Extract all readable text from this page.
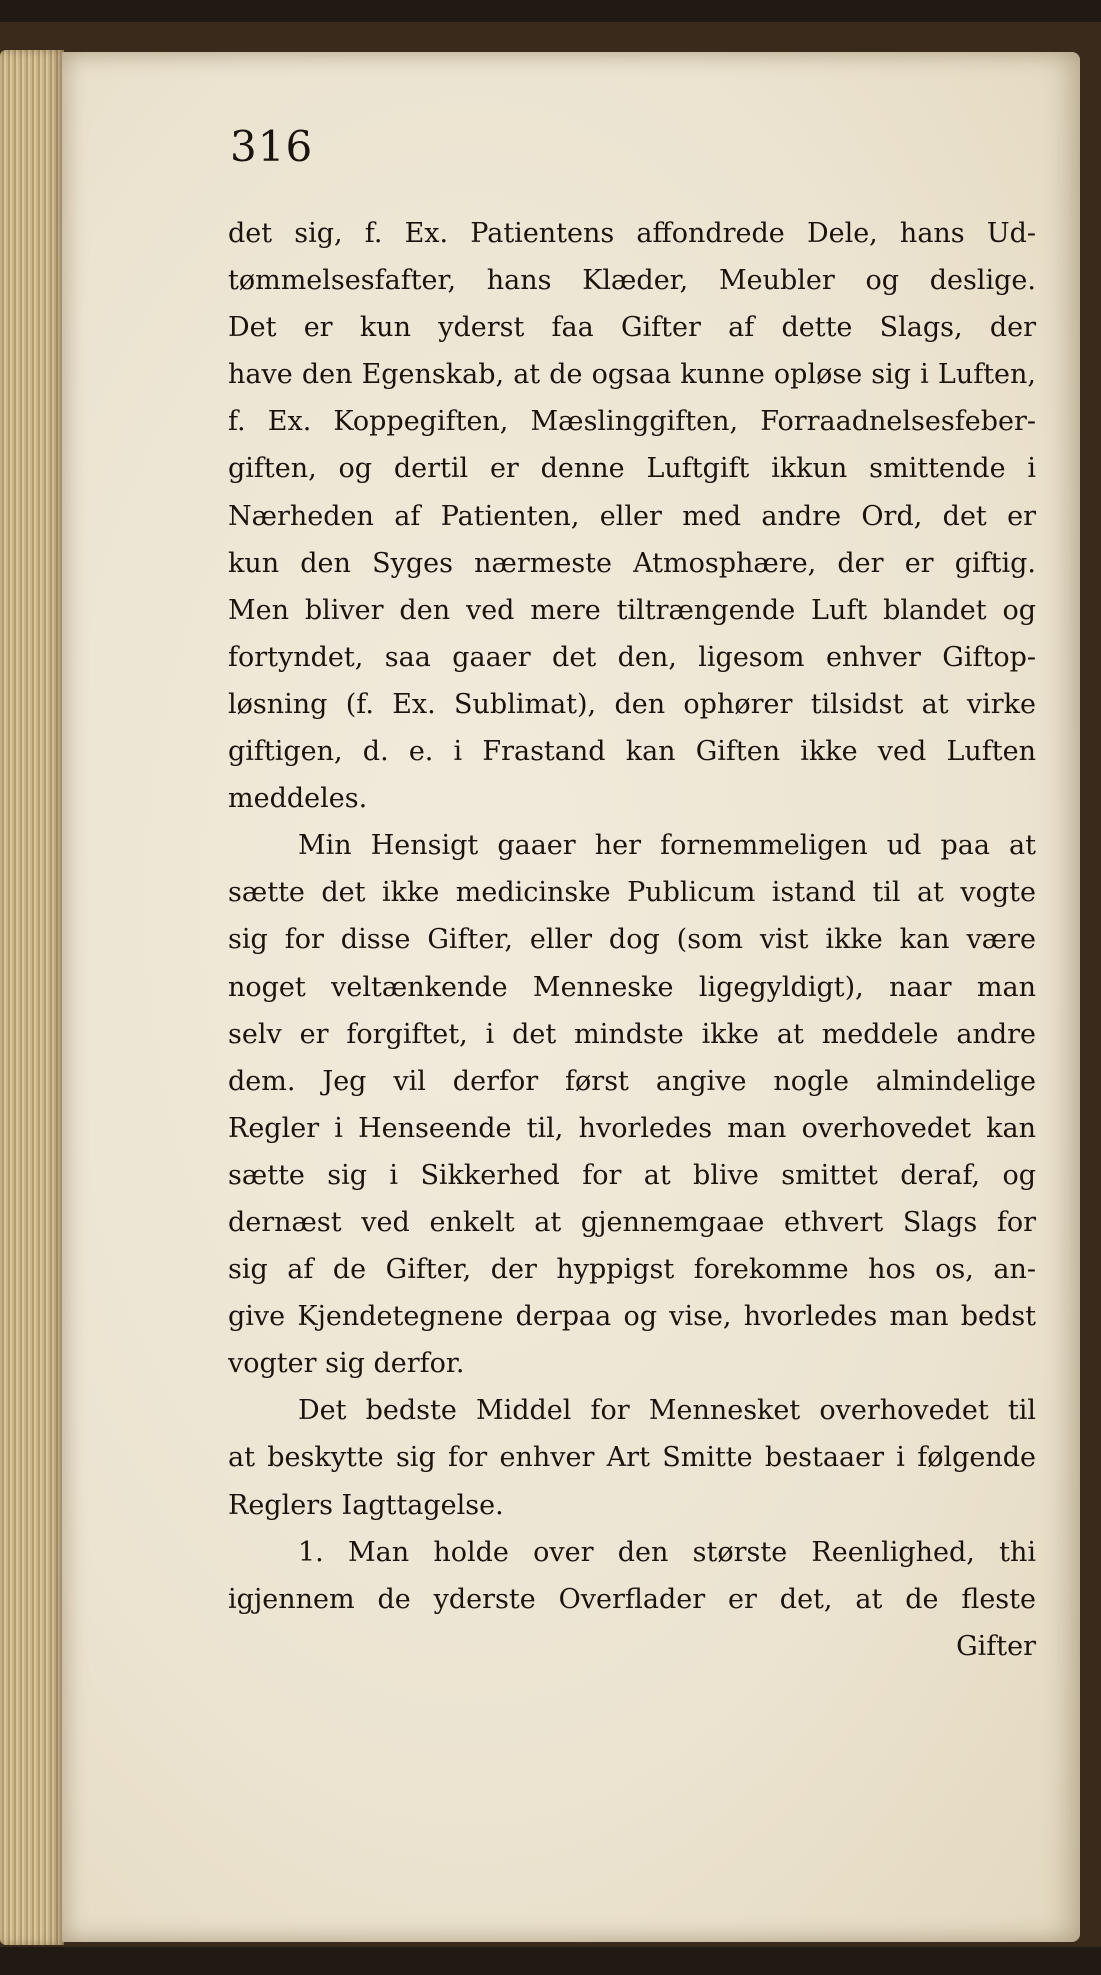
316
det sig, f. Ex. Patientens affondrede Dele, hans Ud-
tømmelsesfafter, hans Klæder, Meubler og deslige.
Det er kun yderst faa Gifter af dette Slags, der
have den Egenskab, at de ogsaa kunne opløse sig i Luften,
f. Ex. Koppegiften, Mæslinggiften, Forraadnelsesfeber-
giften, og dertil er denne Luftgift ikkun smittende i
Nærheden af Patienten, eller med andre Ord, det er
kun den Syges nærmeste Atmosphære, der er giftig.
Men bliver den ved mere tiltrængende Luft blandet og
fortyndet, saa gaaer det den, ligesom enhver Giftop-
løsning (f. Ex. Sublimat), den ophører tilsidst at virke
giftigen, d. e. i Frastand kan Giften ikke ved Luften
meddeles.
Min Hensigt gaaer her fornemmeligen ud paa at
sætte det ikke medicinske Publicum istand til at vogte
sig for disse Gifter, eller dog (som vist ikke kan være
noget veltænkende Menneske ligegyldigt), naar man
selv er forgiftet, i det mindste ikke at meddele andre
dem. Jeg vil derfor først angive nogle almindelige
Regler i Henseende til, hvorledes man overhovedet kan
sætte sig i Sikkerhed for at blive smittet deraf, og
dernæst ved enkelt at gjennemgaae ethvert Slags for
sig af de Gifter, der hyppigst forekomme hos os, an-
give Kjendetegnene derpaa og vise, hvorledes man bedst
vogter sig derfor.
Det bedste Middel for Mennesket overhovedet til
at beskytte sig for enhver Art Smitte bestaaer i følgende
Reglers Iagttagelse.
1. Man holde over den største Reenlighed, thi
igjennem de yderste Overflader er det, at de fleste
Gifter
